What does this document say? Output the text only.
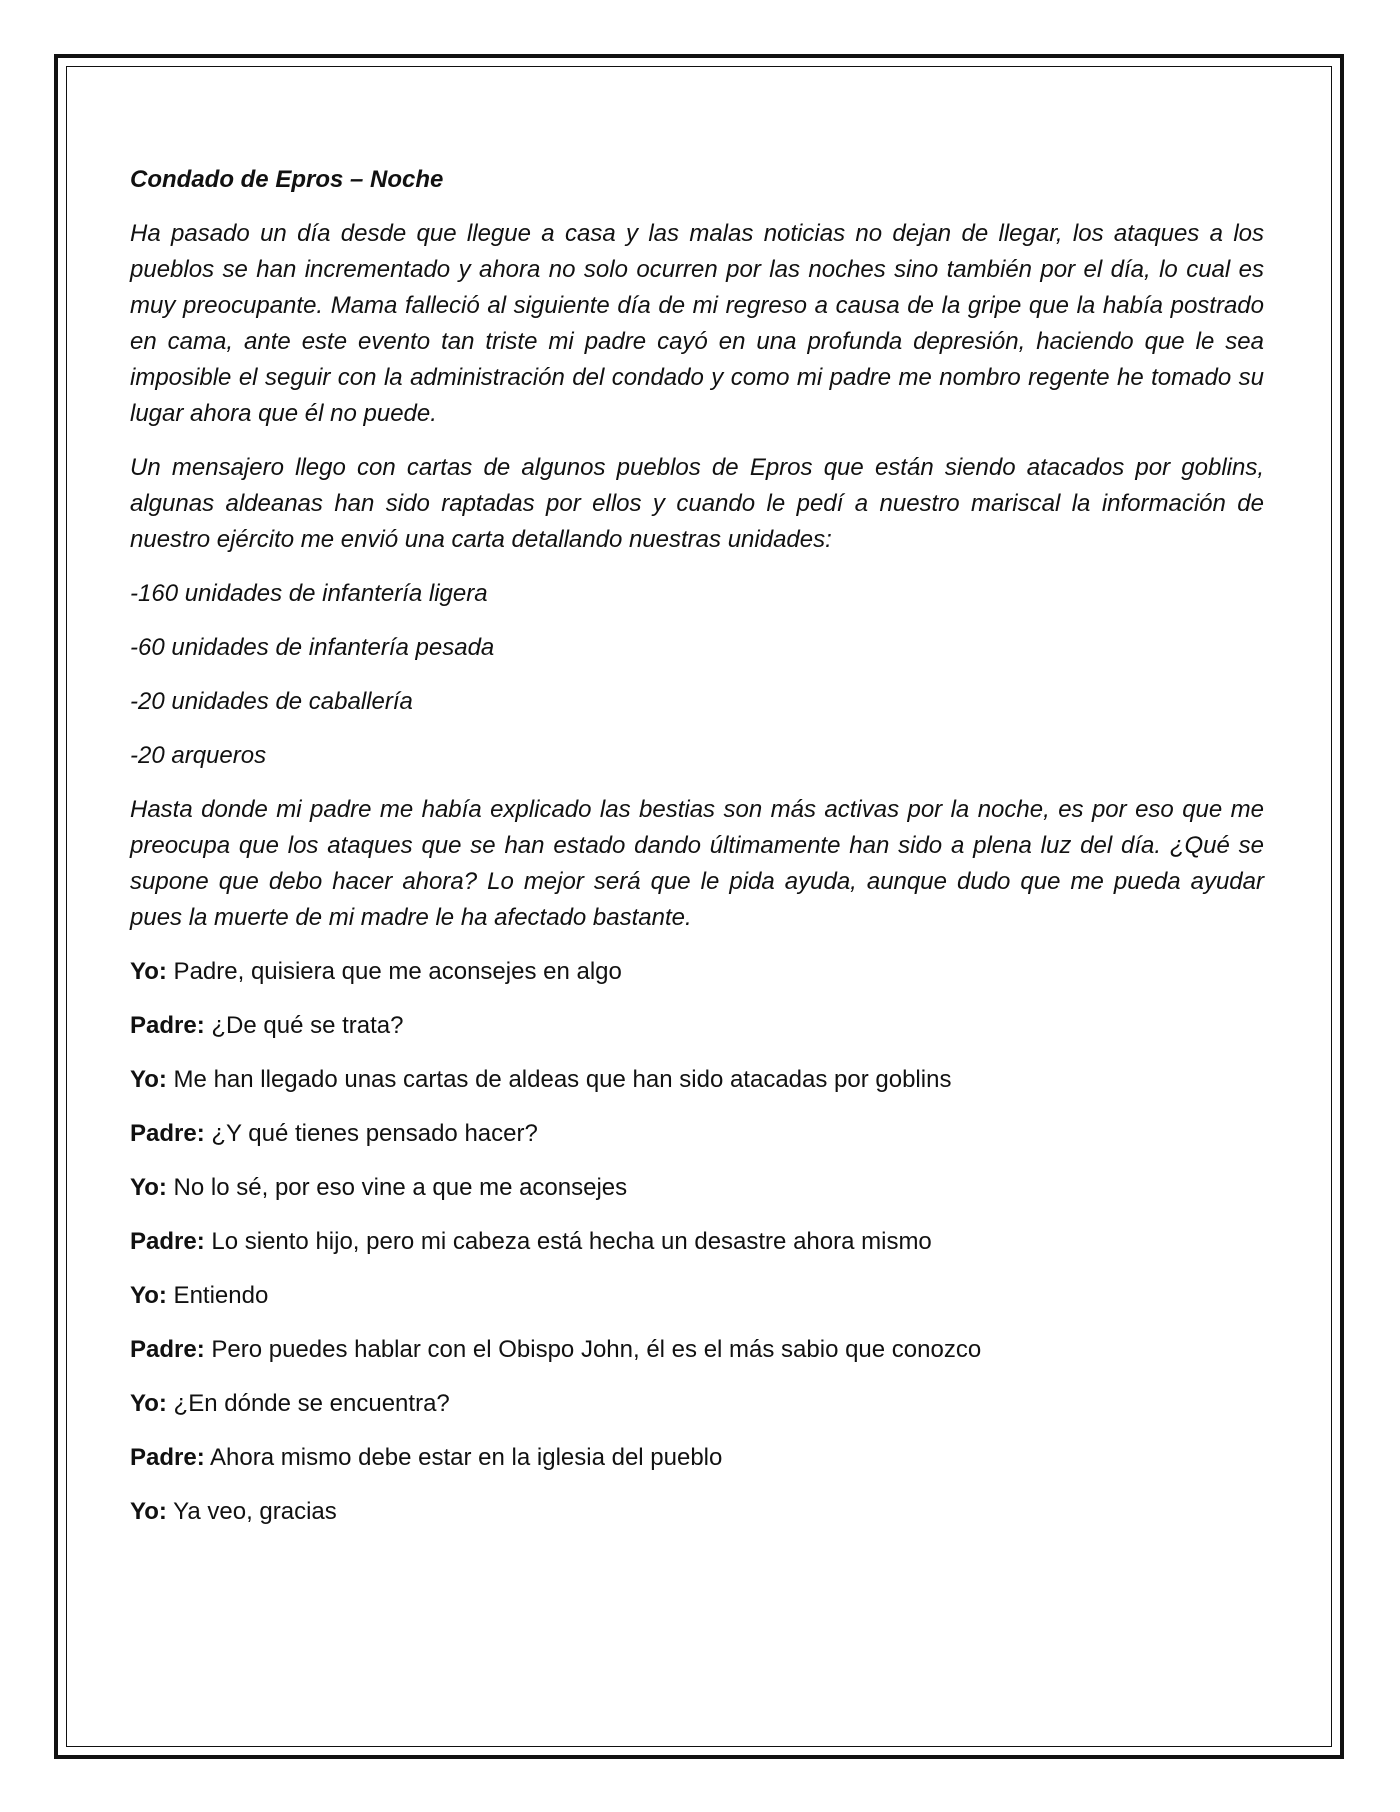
Condado de Epros – Noche

Ha pasado un día desde que llegue a casa y las malas noticias no dejan de llegar, los ataques a los pueblos se han incrementado y ahora no solo ocurren por las noches sino también por el día, lo cual es muy preocupante. Mama falleció al siguiente día de mi regreso a causa de la gripe que la había postrado en cama, ante este evento tan triste mi padre cayó en una profunda depresión, haciendo que le sea imposible el seguir con la administración del condado y como mi padre me nombro regente he tomado su lugar ahora que él no puede.

Un mensajero llego con cartas de algunos pueblos de Epros que están siendo atacados por goblins, algunas aldeanas han sido raptadas por ellos y cuando le pedí a nuestro mariscal la información de nuestro ejército me envió una carta detallando nuestras unidades:

-160 unidades de infantería ligera

-60 unidades de infantería pesada

-20 unidades de caballería

-20 arqueros

Hasta donde mi padre me había explicado las bestias son más activas por la noche, es por eso que me preocupa que los ataques que se han estado dando últimamente han sido a plena luz del día. ¿Qué se supone que debo hacer ahora? Lo mejor será que le pida ayuda, aunque dudo que me pueda ayudar pues la muerte de mi madre le ha afectado bastante.

Yo: Padre, quisiera que me aconsejes en algo

Padre: ¿De qué se trata?

Yo: Me han llegado unas cartas de aldeas que han sido atacadas por goblins

Padre: ¿Y qué tienes pensado hacer?

Yo: No lo sé, por eso vine a que me aconsejes

Padre: Lo siento hijo, pero mi cabeza está hecha un desastre ahora mismo

Yo: Entiendo

Padre: Pero puedes hablar con el Obispo John, él es el más sabio que conozco

Yo: ¿En dónde se encuentra?

Padre: Ahora mismo debe estar en la iglesia del pueblo

Yo: Ya veo, gracias
